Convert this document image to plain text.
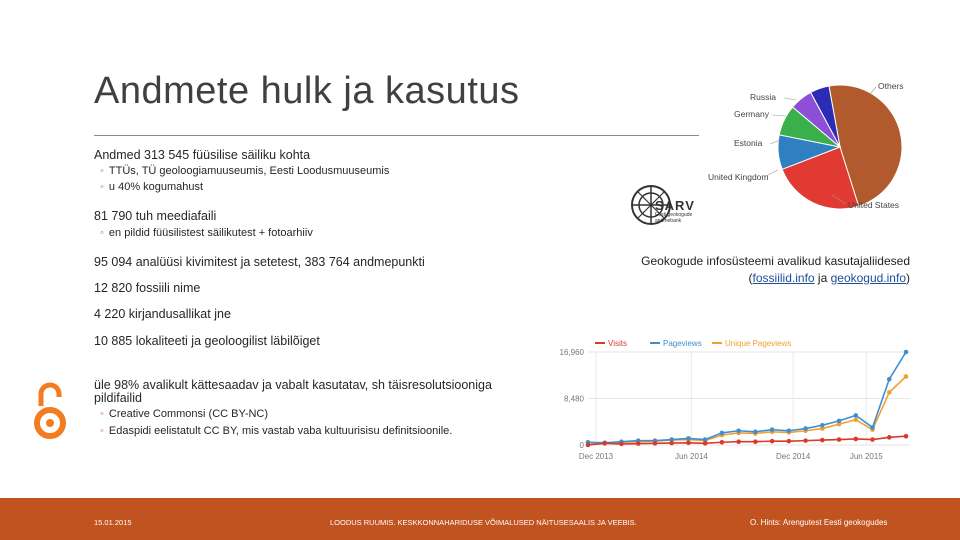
Andmete hulk ja kasutus
Andmed 313 545 füüsilise säiliku kohta
◦ TTÜs, TÜ geoloogiamuuseumis, Eesti Loodusmuuseumis
◦ u 40% kogumahust
81 790 tuh meediafaili
◦ en pildid füüsilistest säilikutest + fotoarhiiv
95 094 analüüsi kivimitest ja setetest, 383 764 andmepunkti
12 820 fossiili nime
4 220 kirjandusallikat jne
10 885 lokaliteeti ja geoloogilist läbilõiget
üle 98% avalikult kättesaadav ja vabalt kasutatav, sh täisresolutsiooniga
pildifailid
◦ Creative Commonsi (CC BY-NC)
◦ Edaspidi eelistatult CC BY, mis vastab vaba kultuurisisu definitsioonile.
SARV
Eesti geokogude
andmebank
Others
United States
United Kingdom
Estonia
Germany
Russia
Geokogude infosüsteemi avalikud kasutajaliidesed
(fossiilid.info ja geokogud.info)
16,960
8,480
0
Dec 2013	Jun 2014	Dec 2014	Jun 2015
Visits	Pageviews	Unique Pageviews
15.01.2015	LOODUS RUUMIS. KESKKONNAHARIDUSE VÕIMALUSED NÄITUSESAALIS JA VEEBIS.	O. Hints: Arengutest Eesti geokogudes
